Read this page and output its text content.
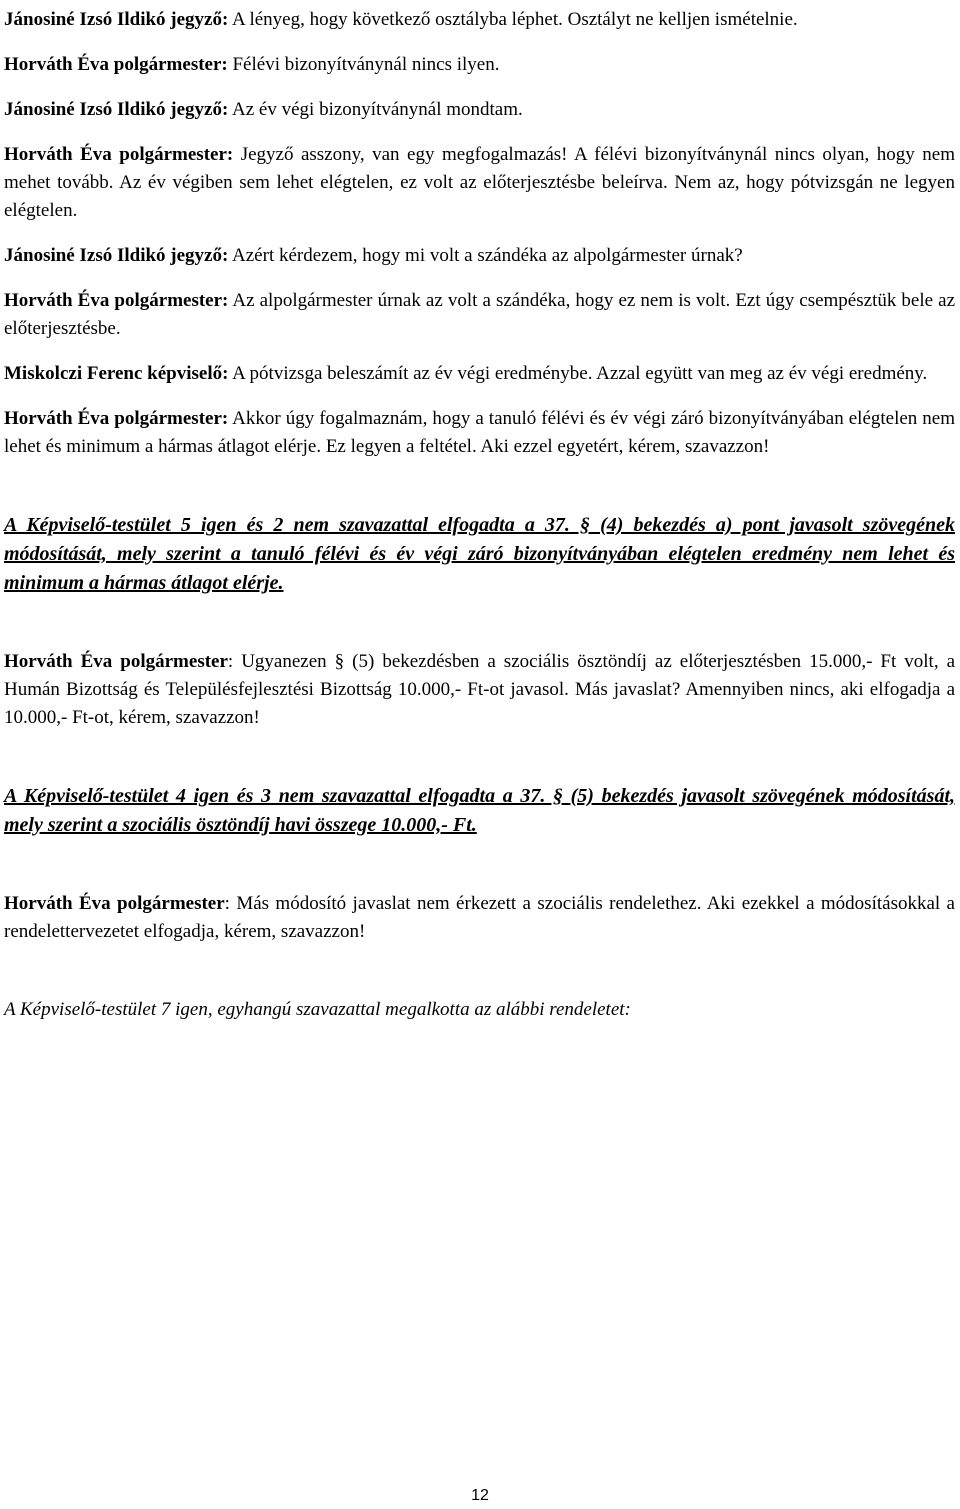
Jánosiné Izsó Ildikó jegyző: A lényeg, hogy következő osztályba léphet. Osztályt ne kelljen ismételnie.

Horváth Éva polgármester: Félévi bizonyítványnál nincs ilyen.

Jánosiné Izsó Ildikó jegyző: Az év végi bizonyítványnál mondtam.

Horváth Éva polgármester: Jegyző asszony, van egy megfogalmazás! A félévi bizonyítványnál nincs olyan, hogy nem mehet tovább. Az év végiben sem lehet elégtelen, ez volt az előterjesztésbe beleírva. Nem az, hogy pótvizsgán ne legyen elégtelen.

Jánosiné Izsó Ildikó jegyző: Azért kérdezem, hogy mi volt a szándéka az alpolgármester úrnak?

Horváth Éva polgármester: Az alpolgármester úrnak az volt a szándéka, hogy ez nem is volt. Ezt úgy csempésztük bele az előterjesztésbe.

Miskolczi Ferenc képviselő: A pótvizsga beleszámít az év végi eredménybe. Azzal együtt van meg az év végi eredmény.

Horváth Éva polgármester: Akkor úgy fogalmaznám, hogy a tanuló félévi és év végi záró bizonyítványában elégtelen nem lehet és minimum a hármas átlagot elérje. Ez legyen a feltétel. Aki ezzel egyetért, kérem, szavazzon!

A Képviselő-testület 5 igen és 2 nem szavazattal elfogadta a 37. § (4) bekezdés a) pont javasolt szövegének módosítását, mely szerint a tanuló félévi és év végi záró bizonyítványában elégtelen eredmény nem lehet és minimum a hármas átlagot elérje.

Horváth Éva polgármester: Ugyanezen § (5) bekezdésben a szociális ösztöndíj az előterjesztésben 15.000,- Ft volt, a Humán Bizottság és Településfejlesztési Bizottság 10.000,- Ft-ot javasol. Más javaslat? Amennyiben nincs, aki elfogadja a 10.000,- Ft-ot, kérem, szavazzon!

A Képviselő-testület 4 igen és 3 nem szavazattal elfogadta a 37. § (5) bekezdés javasolt szövegének módosítását, mely szerint a szociális ösztöndíj havi összege 10.000,- Ft.

Horváth Éva polgármester: Más módosító javaslat nem érkezett a szociális rendelethez. Aki ezekkel a módosításokkal a rendelettervezetet elfogadja, kérem, szavazzon!

A Képviselő-testület 7 igen, egyhangú szavazattal megalkotta az alábbi rendeletet:

12
